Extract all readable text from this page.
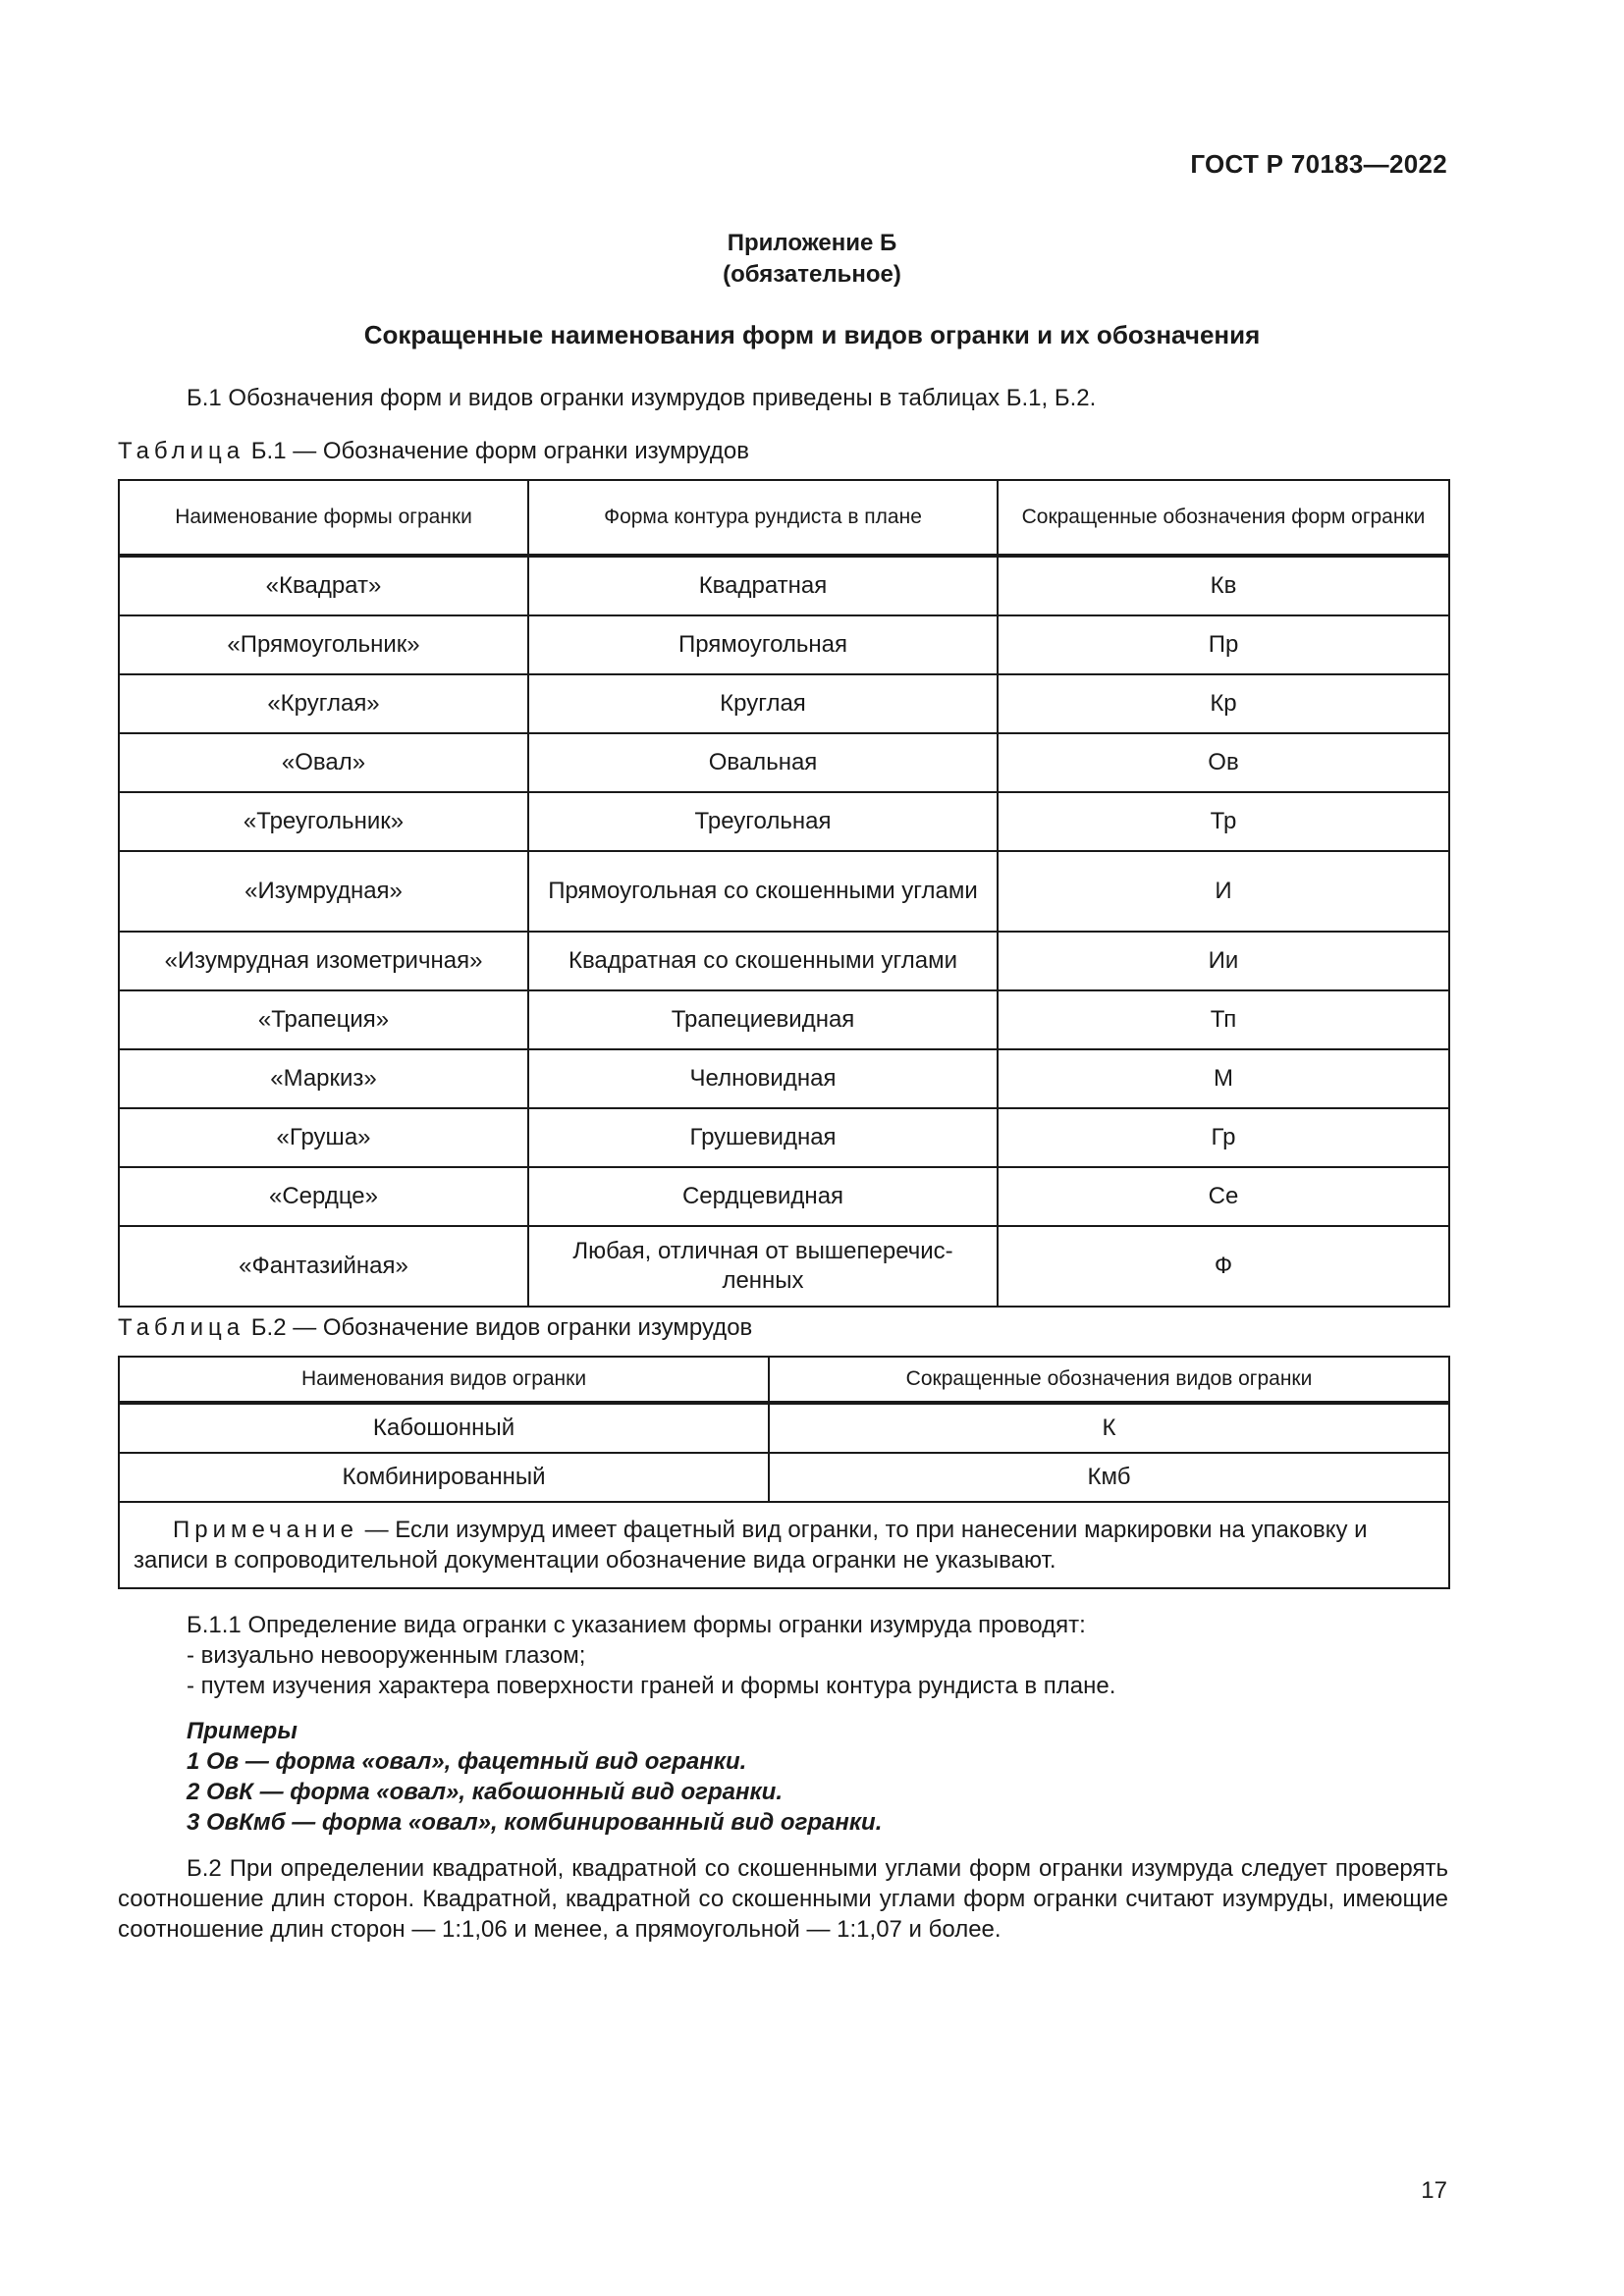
ГОСТ Р 70183—2022
Приложение Б
(обязательное)
Сокращенные наименования форм и видов огранки и их обозначения
Б.1 Обозначения форм и видов огранки изумрудов приведены в таблицах Б.1, Б.2.
Таблица Б.1 — Обозначение форм огранки изумрудов
Наименование формы огранки	Форма контура рундиста в плане	Сокращенные обозначения форм огранки
«Квадрат»	Квадратная	Кв
«Прямоугольник»	Прямоугольная	Пр
«Круглая»	Круглая	Кр
«Овал»	Овальная	Ов
«Треугольник»	Треугольная	Тр
«Изумрудная»	Прямоугольная со скошенными углами	И
«Изумрудная изометричная»	Квадратная со скошенными углами	Ии
«Трапеция»	Трапециевидная	Тп
«Маркиз»	Челновидная	М
«Груша»	Грушевидная	Гр
«Сердце»	Сердцевидная	Се
«Фантазийная»	Любая, отличная от вышеперечис-ленных	Ф
Таблица Б.2 — Обозначение видов огранки изумрудов
Наименования видов огранки	Сокращенные обозначения видов огранки
Кабошонный	К
Комбинированный	Кмб
Примечание — Если изумруд имеет фацетный вид огранки, то при нанесении маркировки на упаковку и записи в сопроводительной документации обозначение вида огранки не указывают.	
Б.1.1 Определение вида огранки с указанием формы огранки изумруда проводят:
- визуально невооруженным глазом;
- путем изучения характера поверхности граней и формы контура рундиста в плане.
Примеры
1 Ов — форма «овал», фацетный вид огранки.
2 ОвК — форма «овал», кабошонный вид огранки.
3 ОвКмб — форма «овал», комбинированный вид огранки.
Б.2 При определении квадратной, квадратной со скошенными углами форм огранки изумруда следует проверять соотношение длин сторон. Квадратной, квадратной со скошенными углами форм огранки считают изумруды, имеющие соотношение длин сторон — 1:1,06 и менее, а прямоугольной — 1:1,07 и более.
17
